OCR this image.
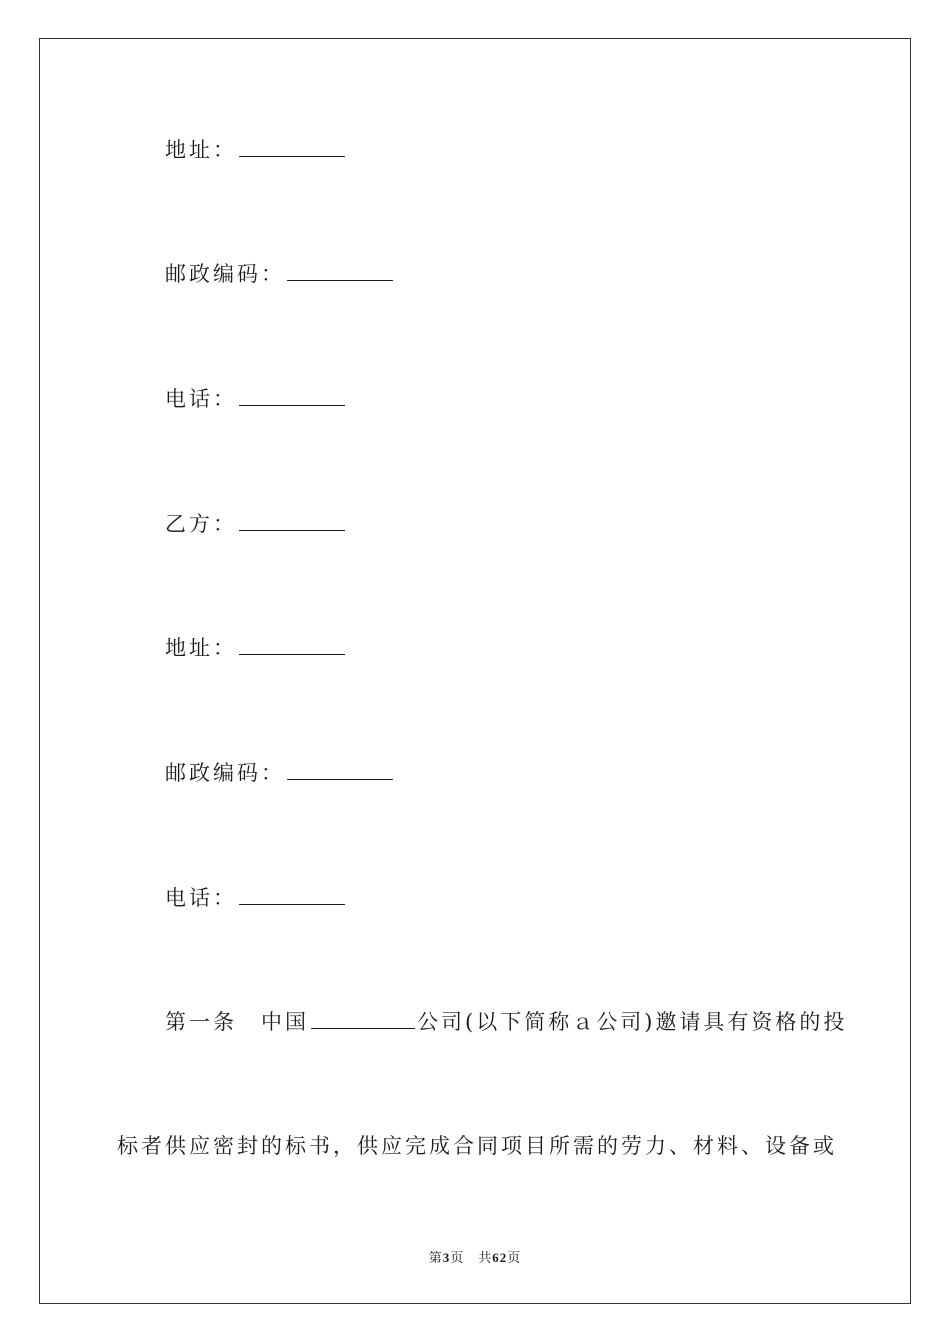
地址：
邮政编码：
电话：
乙方：
地址：
邮政编码：
电话：
第一条　中国	公司(以下简称ａ公司)邀请具有资格的投
标者供应密封的标书，供应完成合同项目所需的劳力、材料、设备或
第3页 共62页
